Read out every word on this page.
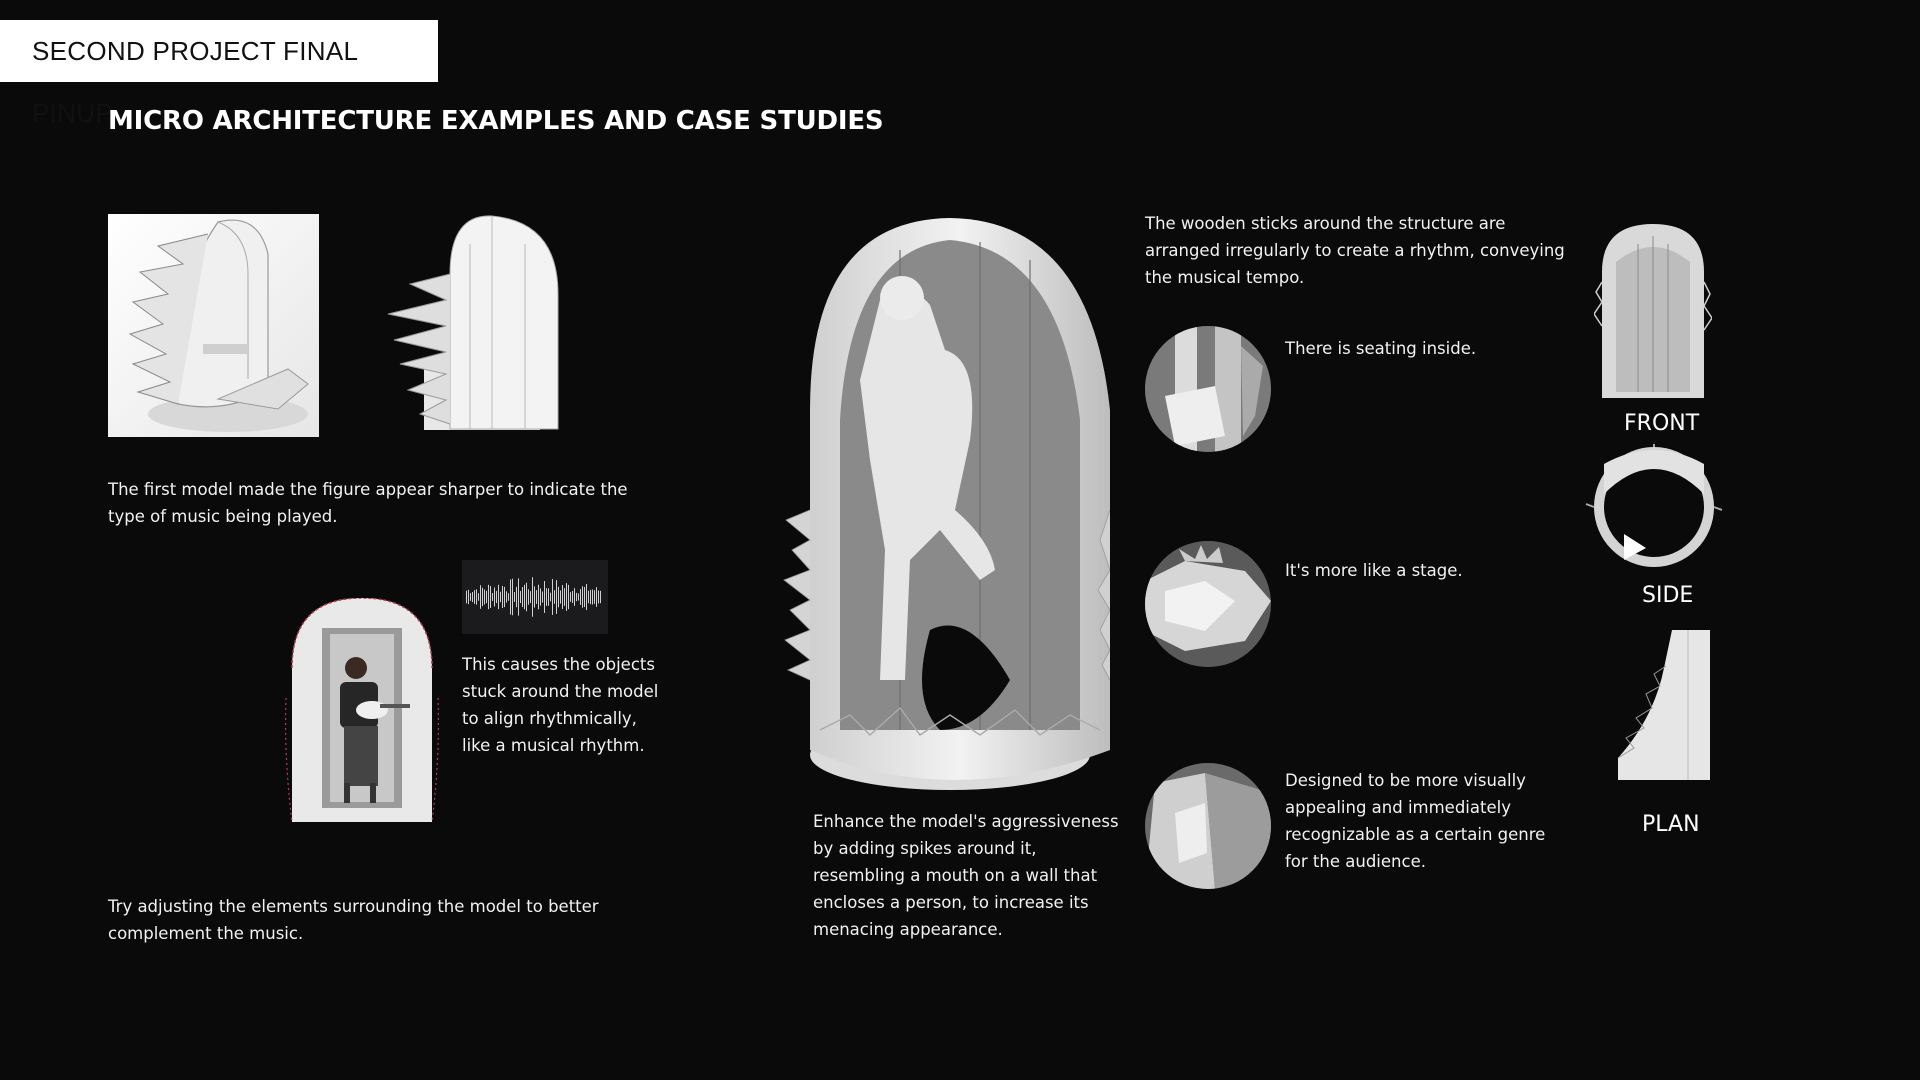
SECOND PROJECT FINAL PINUP
MICRO ARCHITECTURE EXAMPLES AND CASE STUDIES
The first model made the figure appear sharper to indicate the type of music being played.
This causes the objects stuck around the model to align rhythmically, like a musical rhythm.
Try adjusting the elements surrounding the model to better complement the music.
Enhance the model's aggressiveness by adding spikes around it, resembling a mouth on a wall that encloses a person, to increase its menacing appearance.
The wooden sticks around the structure are arranged irregularly to create a rhythm, conveying the musical tempo.
There is seating inside.
It's more like a stage.
Designed to be more visually appealing and immediately recognizable as a certain genre for the audience.
FRONT
SIDE
PLAN
